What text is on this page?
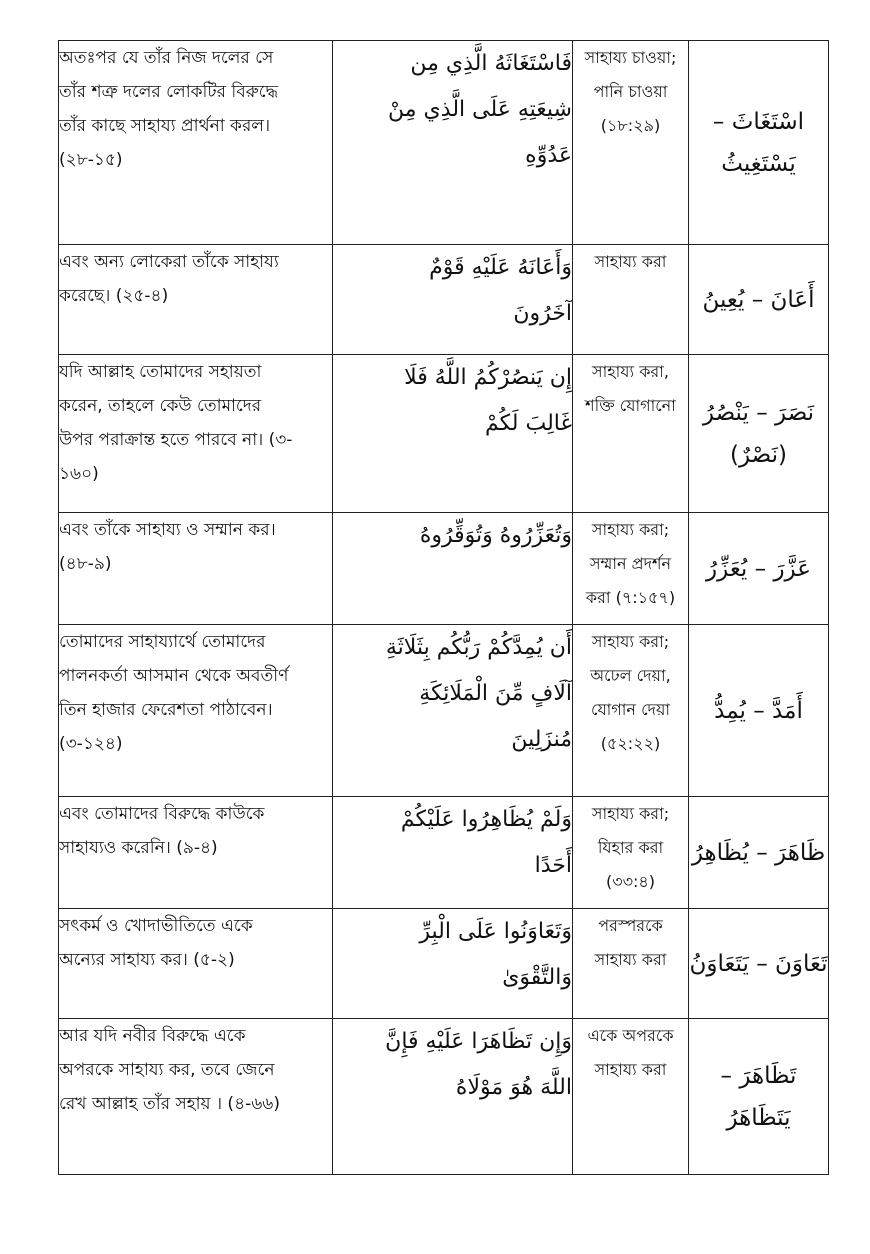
অতঃপর যে তাঁর নিজ দলের সে
তাঁর শত্রু দলের লোকটির বিরুদ্ধে
তাঁর কাছে সাহায্য প্রার্থনা করল।
(২৮-১৫)	فَاسْتَغَاثَهُ الَّذِي مِن
شِيعَتِهِ عَلَى الَّذِي مِنْ
عَدُوِّهِ	সাহায্য চাওয়া;
পানি চাওয়া
(১৮:২৯)	اسْتَغَاثَ –
يَسْتَغِيثُ
এবং অন্য লোকেরা তাঁকে সাহায্য
করেছে। (২৫-৪)	وَأَعَانَهُ عَلَيْهِ قَوْمٌ
آخَرُونَ	সাহায্য করা	أَعَانَ – يُعِينُ
যদি আল্লাহ তোমাদের সহায়তা
করেন, তাহলে কেউ তোমাদের
উপর পরাক্রান্ত হতে পারবে না। (৩-
১৬০)	إِن يَنصُرْكُمُ اللَّهُ فَلَا
غَالِبَ لَكُمْ	সাহায্য করা,
শক্তি যোগানো	نَصَرَ – يَنْصُرُ
(نَصْرٌ)
এবং তাঁকে সাহায্য ও সম্মান কর।
(৪৮-৯)	وَتُعَزِّرُوهُ وَتُوَقِّرُوهُ	সাহায্য করা;
সম্মান প্রদর্শন
করা (৭:১৫৭)	عَزَّرَ – يُعَزِّرُ
তোমাদের সাহায্যার্থে তোমাদের
পালনকর্তা আসমান থেকে অবতীর্ণ
তিন হাজার ফেরেশতা পাঠাবেন।
(৩-১২৪)	أَن يُمِدَّكُمْ رَبُّكُم بِثَلَاثَةِ
آلَافٍ مِّنَ الْمَلَائِكَةِ
مُنزَلِينَ	সাহায্য করা;
অঢেল দেয়া,
যোগান দেয়া
(৫২:২২)	أَمَدَّ – يُمِدُّ
এবং তোমাদের বিরুদ্ধে কাউকে
সাহায্যও করেনি। (৯-৪)	وَلَمْ يُظَاهِرُوا عَلَيْكُمْ
أَحَدًا	সাহায্য করা;
যিহার করা
(৩৩:৪)	ظَاهَرَ – يُظَاهِرُ
সৎকর্ম ও খোদাভীতিতে একে
অন্যের সাহায্য কর। (৫-২)	وَتَعَاوَنُوا عَلَى الْبِرِّ
وَالتَّقْوَىٰ	পরস্পরকে
সাহায্য করা	تَعَاوَنَ – يَتَعَاوَنُ
আর যদি নবীর বিরুদ্ধে একে
অপরকে সাহায্য কর, তবে জেনে
রেখ আল্লাহ তাঁর সহায় । (৪-৬৬)	وَإِن تَظَاهَرَا عَلَيْهِ فَإِنَّ
اللَّهَ هُوَ مَوْلَاهُ	একে অপরকে
সাহায্য করা	تَظَاهَرَ – يَتَظَاهَرُ
